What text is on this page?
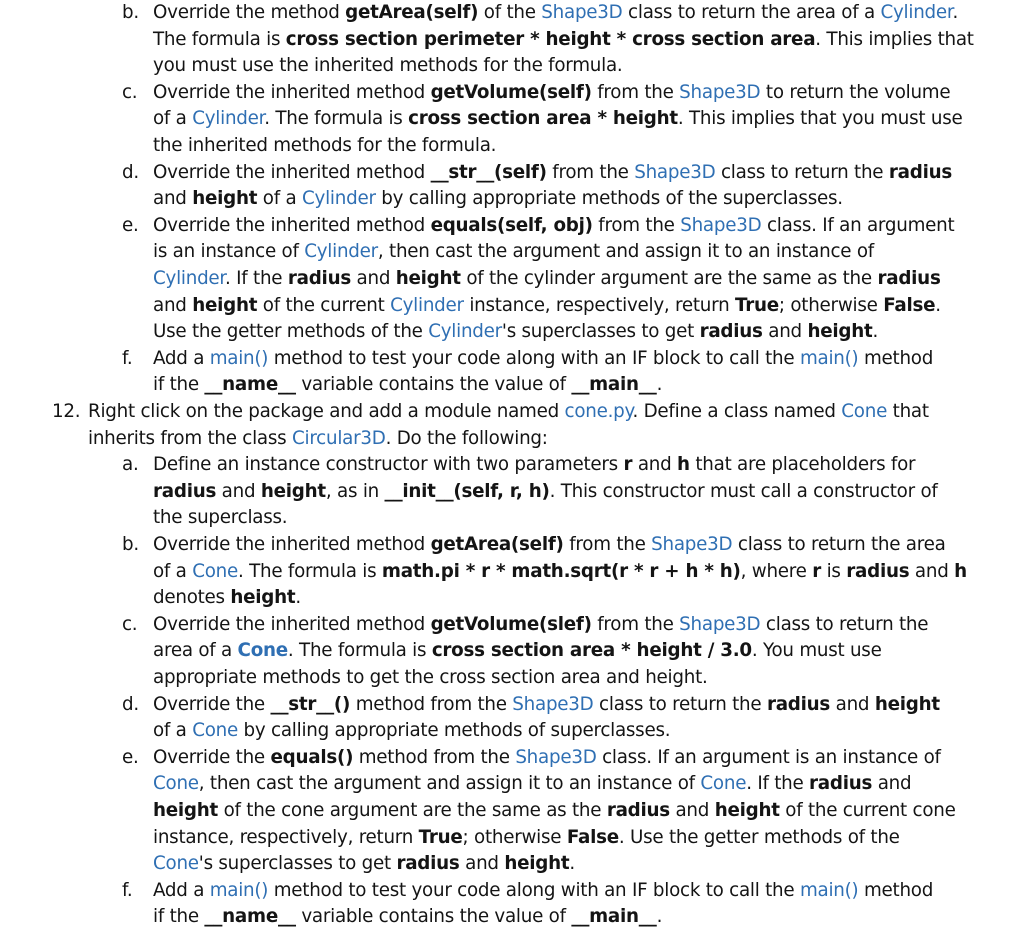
b. Override the method getArea(self) of the Shape3D class to return the area of a Cylinder.
The formula is cross section perimeter * height * cross section area. This implies that
you must use the inherited methods for the formula.
c. Override the inherited method getVolume(self) from the Shape3D to return the volume
of a Cylinder. The formula is cross section area * height. This implies that you must use
the inherited methods for the formula.
d. Override the inherited method __str__(self) from the Shape3D class to return the radius
and height of a Cylinder by calling appropriate methods of the superclasses.
e. Override the inherited method equals(self, obj) from the Shape3D class. If an argument
is an instance of Cylinder, then cast the argument and assign it to an instance of
Cylinder. If the radius and height of the cylinder argument are the same as the radius
and height of the current Cylinder instance, respectively, return True; otherwise False.
Use the getter methods of the Cylinder's superclasses to get radius and height.
f. Add a main() method to test your code along with an IF block to call the main() method
if the __name__ variable contains the value of __main__.
12. Right click on the package and add a module named cone.py. Define a class named Cone that
inherits from the class Circular3D. Do the following:
a. Define an instance constructor with two parameters r and h that are placeholders for
radius and height, as in __init__(self, r, h). This constructor must call a constructor of
the superclass.
b. Override the inherited method getArea(self) from the Shape3D class to return the area
of a Cone. The formula is math.pi * r * math.sqrt(r * r + h * h), where r is radius and h
denotes height.
c. Override the inherited method getVolume(slef) from the Shape3D class to return the
area of a Cone. The formula is cross section area * height / 3.0. You must use
appropriate methods to get the cross section area and height.
d. Override the __str__() method from the Shape3D class to return the radius and height
of a Cone by calling appropriate methods of superclasses.
e. Override the equals() method from the Shape3D class. If an argument is an instance of
Cone, then cast the argument and assign it to an instance of Cone. If the radius and
height of the cone argument are the same as the radius and height of the current cone
instance, respectively, return True; otherwise False. Use the getter methods of the
Cone's superclasses to get radius and height.
f. Add a main() method to test your code along with an IF block to call the main() method
if the __name__ variable contains the value of __main__.
